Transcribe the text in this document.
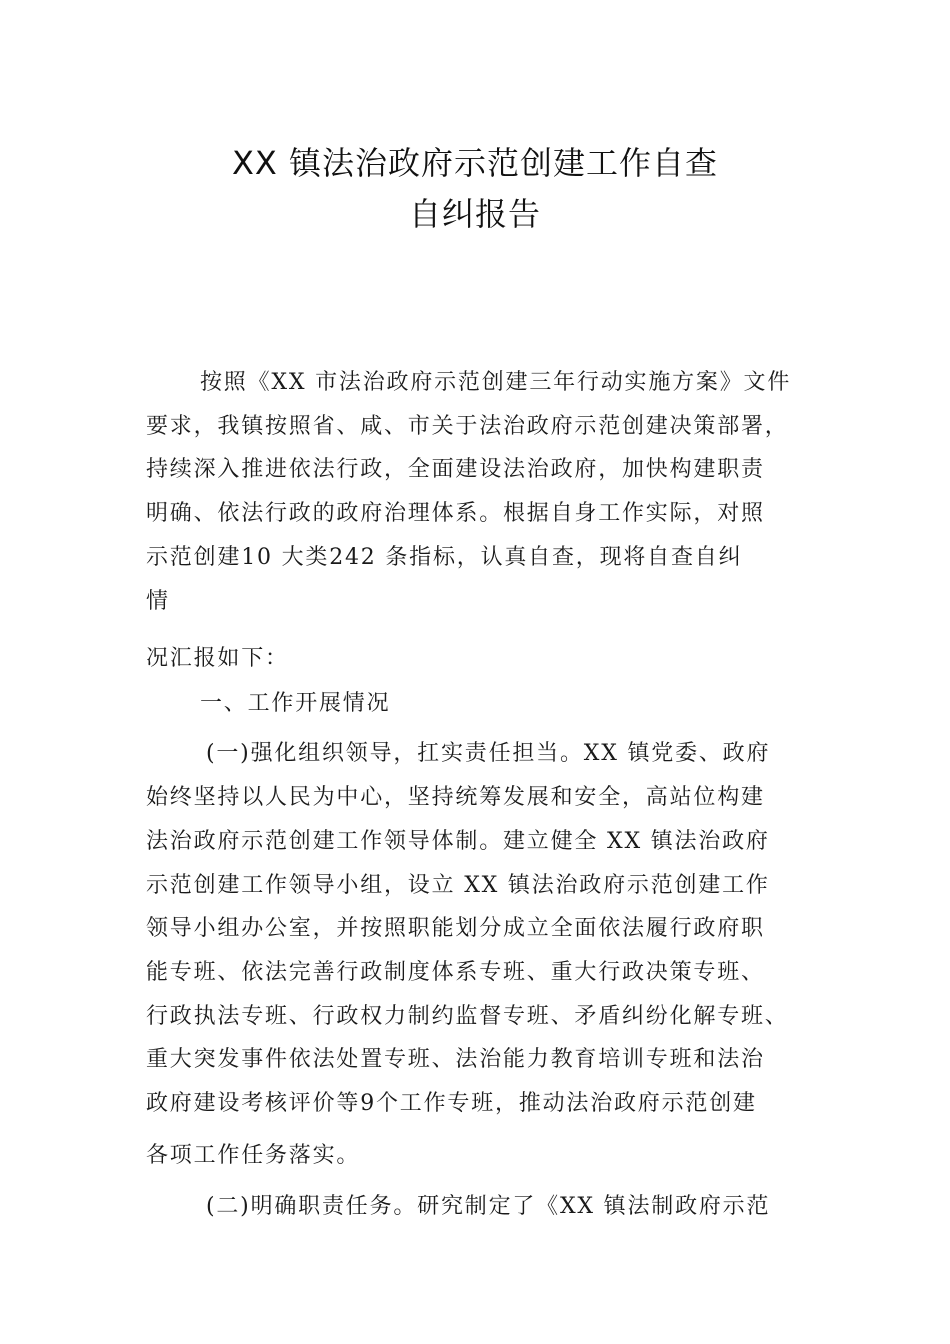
XX 镇法治政府示范创建工作自查
自纠报告
按照《XX 市法治政府示范创建三年行动实施方案》文件
要求，我镇按照省、咸、市关于法治政府示范创建决策部署，
持续深入推进依法行政，全面建设法治政府，加快构建职责
明确、依法行政的政府治理体系。根据自身工作实际，对照
示范创建10 大类242 条指标，认真自查，现将自查自纠
情
况汇报如下：
一、工作开展情况
(一)强化组织领导，扛实责任担当。XX 镇党委、政府
始终坚持以人民为中心，坚持统筹发展和安全，高站位构建
法治政府示范创建工作领导体制。建立健全 XX 镇法治政府
示范创建工作领导小组，设立 XX 镇法治政府示范创建工作
领导小组办公室，并按照职能划分成立全面依法履行政府职
能专班、依法完善行政制度体系专班、重大行政决策专班、
行政执法专班、行政权力制约监督专班、矛盾纠纷化解专班、
重大突发事件依法处置专班、法治能力教育培训专班和法治
政府建设考核评价等9个工作专班，推动法治政府示范创建
各项工作任务落实。
(二)明确职责任务。研究制定了《XX 镇法制政府示范
